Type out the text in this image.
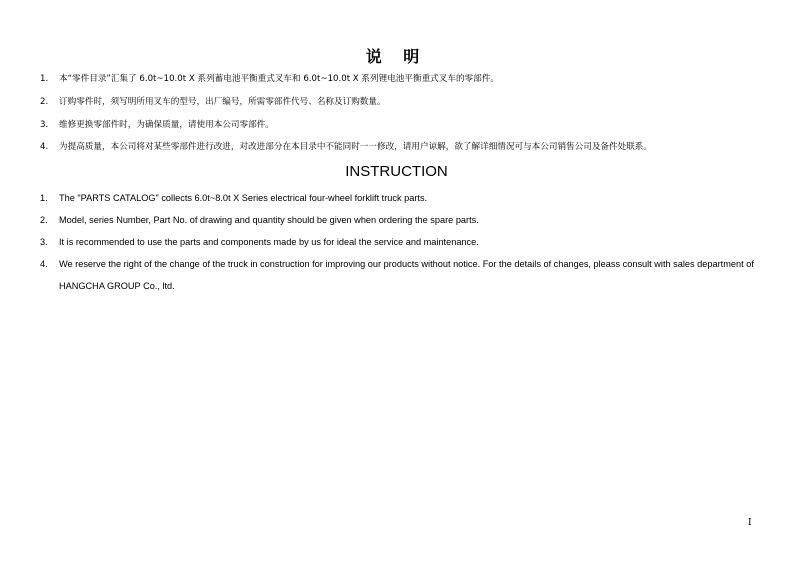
说 明
1.	本“零件目录”汇集了 6.0t~10.0t X 系列蓄电池平衡重式叉车和 6.0t~10.0t X 系列锂电池平衡重式叉车的零部件。
2.	订购零件时，须写明所用叉车的型号，出厂编号，所需零部件代号、名称及订购数量。
3.	维修更换零部件时，为确保质量，请使用本公司零部件。
4.	为提高质量，本公司将对某些零部件进行改进，对改进部分在本目录中不能同时一一修改，请用户谅解，欲了解详细情况可与本公司销售公司及备件处联系。
INSTRUCTION
1.	The "PARTS CATALOG" collects 6.0t~8.0t X Series electrical four-wheel forklift truck parts.
2.	Model, series Number, Part No. of drawing and quantity should be given when ordering the spare parts.
3.	It is recommended to use the parts and components made by us for ideal the service and maintenance.
4.	We reserve the right of the change of the truck in construction for improving our products without notice. For the details of changes, pleass consult with sales department of HANGCHA GROUP Co., ltd.
I
